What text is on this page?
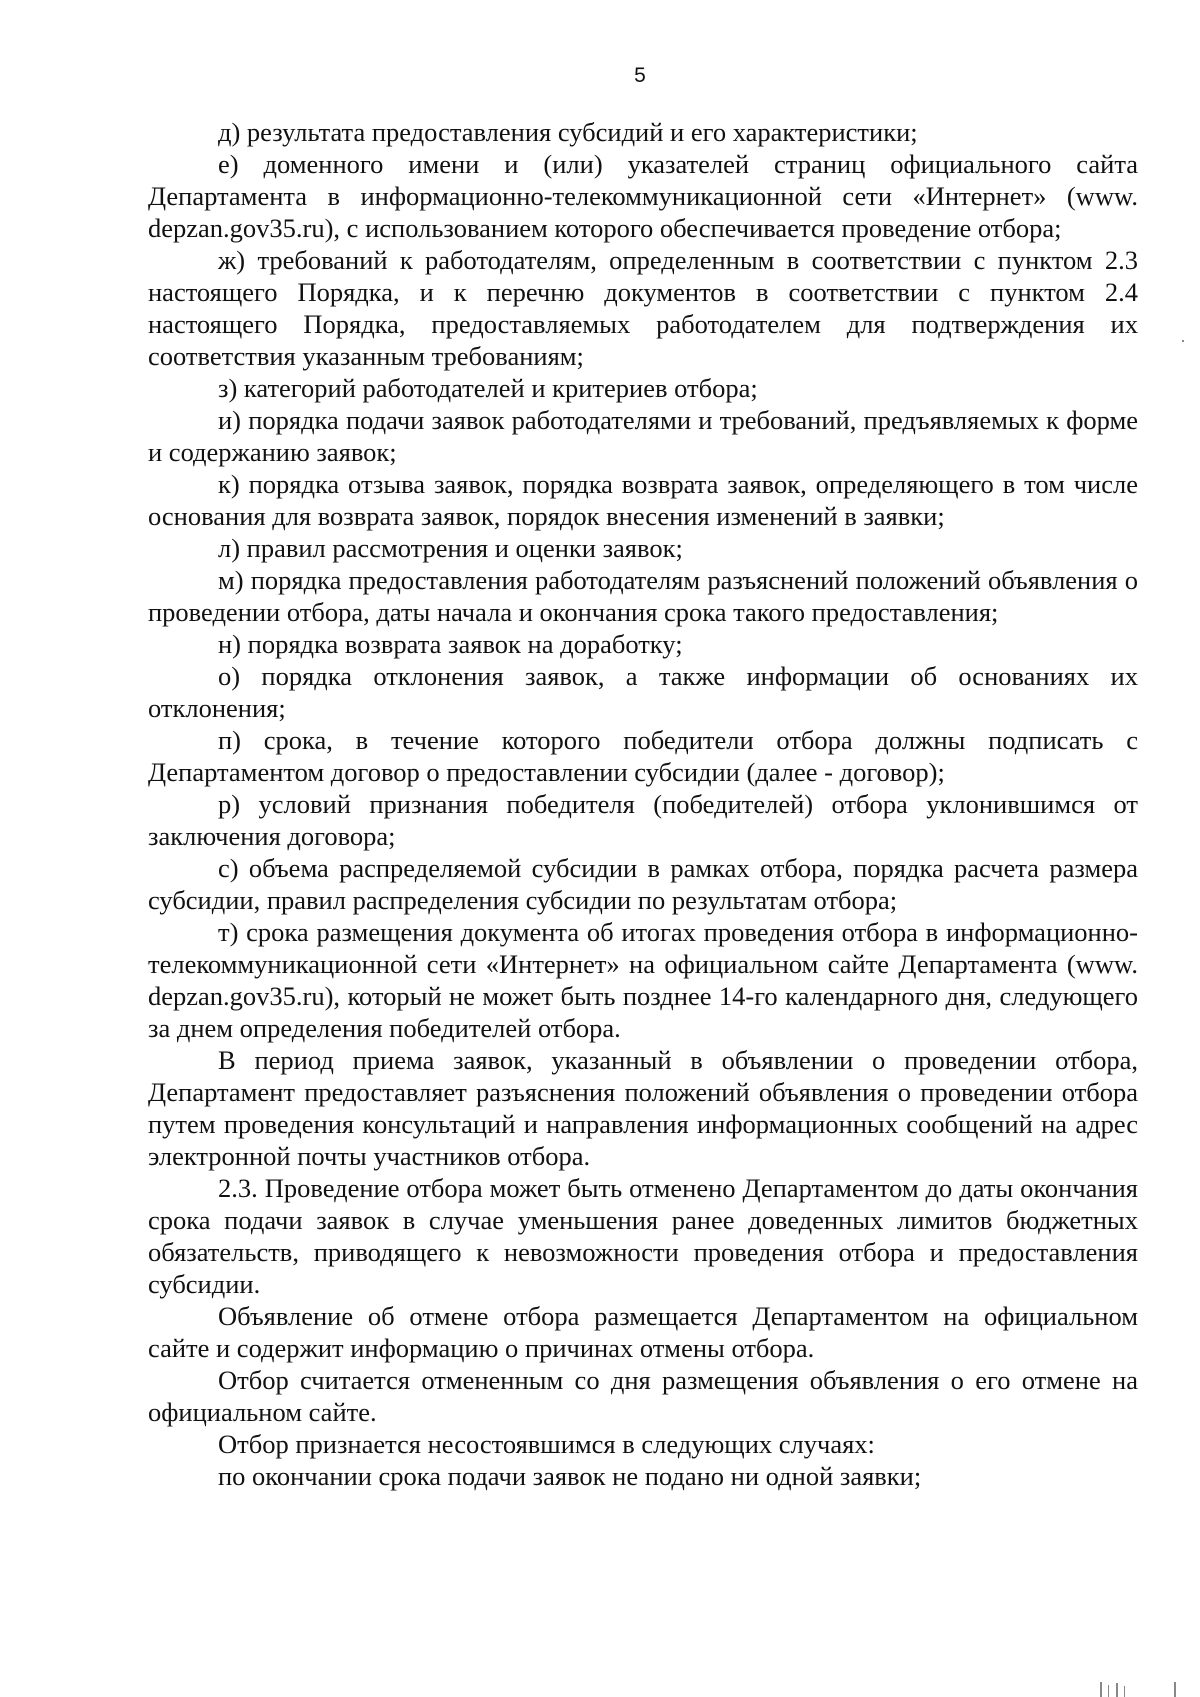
5

д) результата предоставления субсидий и его характеристики;

е) доменного имени и (или) указателей страниц официального сайта Департамента в информационно-телекоммуникационной сети «Интернет» (www. depzan.gov35.ru), с использованием которого обеспечивается проведение отбора;

ж) требований к работодателям, определенным в соответствии с пунктом 2.3 настоящего Порядка, и к перечню документов в соответствии с пунктом 2.4 настоящего Порядка, предоставляемых работодателем для подтверждения их соответствия указанным требованиям;

з) категорий работодателей и критериев отбора;

и) порядка подачи заявок работодателями и требований, предъявляемых к форме и содержанию заявок;

к) порядка отзыва заявок, порядка возврата заявок, определяющего в том числе основания для возврата заявок, порядок внесения изменений в заявки;

л) правил рассмотрения и оценки заявок;

м) порядка предоставления работодателям разъяснений положений объявления о проведении отбора, даты начала и окончания срока такого предоставления;

н) порядка возврата заявок на доработку;

о) порядка отклонения заявок, а также информации об основаниях их отклонения;

п) срока, в течение которого победители отбора должны подписать с Департаментом договор о предоставлении субсидии (далее - договор);

р) условий признания победителя (победителей) отбора уклонившимся от заключения договора;

с) объема распределяемой субсидии в рамках отбора, порядка расчета размера субсидии, правил распределения субсидии по результатам отбора;

т) срока размещения документа об итогах проведения отбора в информационно-телекоммуникационной сети «Интернет» на официальном сайте Департамента (www. depzan.gov35.ru), который не может быть позднее 14-го календарного дня, следующего за днем определения победителей отбора.

В период приема заявок, указанный в объявлении о проведении отбора, Департамент предоставляет разъяснения положений объявления о проведении отбора путем проведения консультаций и направления информационных сообщений на адрес электронной почты участников отбора.

2.3. Проведение отбора может быть отменено Департаментом до даты окончания срока подачи заявок в случае уменьшения ранее доведенных лимитов бюджетных обязательств, приводящего к невозможности проведения отбора и предоставления субсидии.

Объявление об отмене отбора размещается Департаментом на официальном сайте и содержит информацию о причинах отмены отбора.

Отбор считается отмененным со дня размещения объявления о его отмене на официальном сайте.

Отбор признается несостоявшимся в следующих случаях:

по окончании срока подачи заявок не подано ни одной заявки;
